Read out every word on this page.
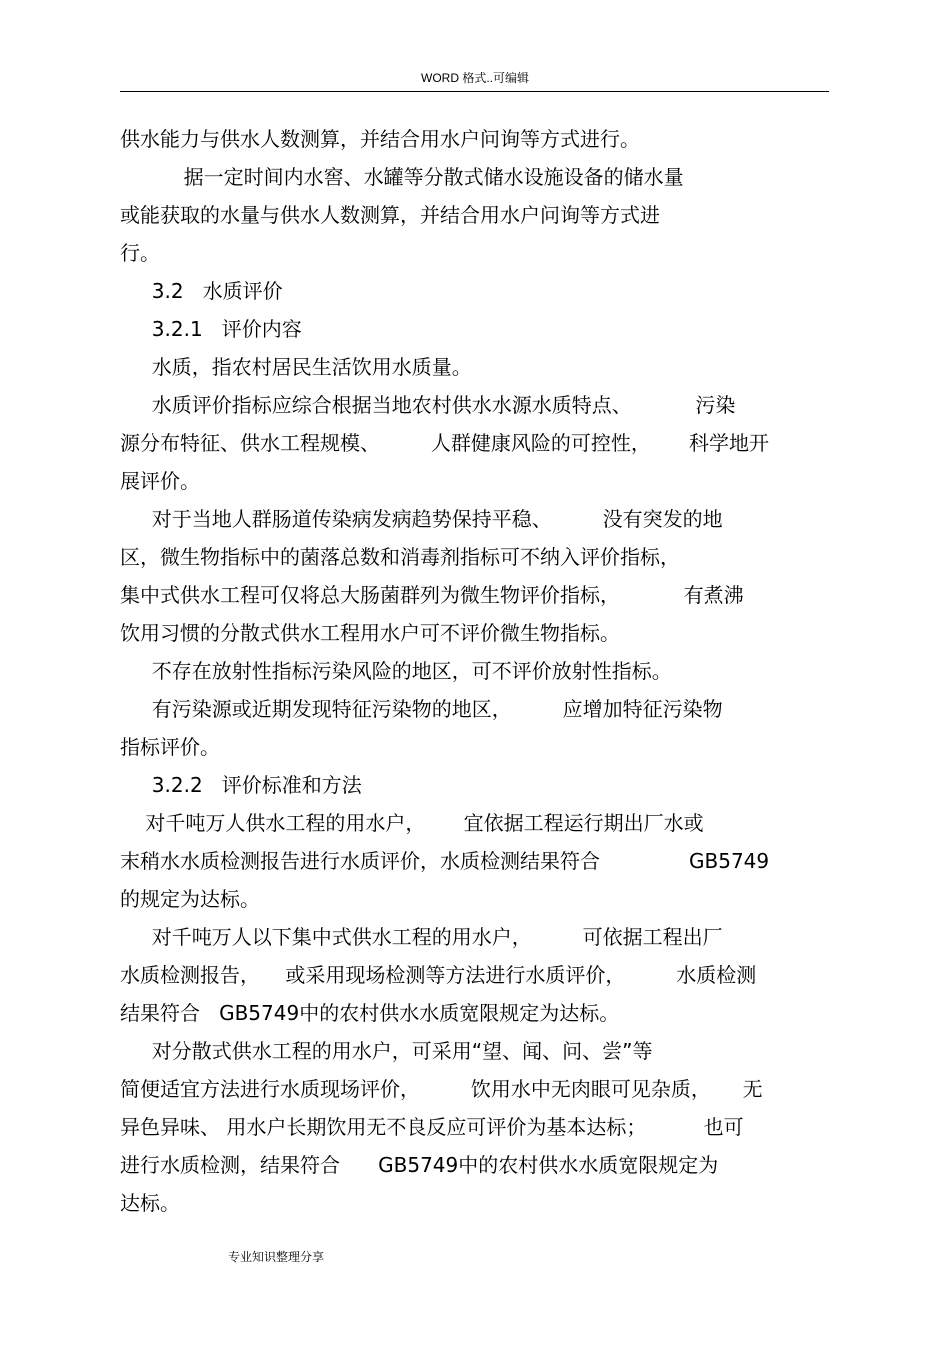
WORD 格式..可编辑
供水能力与供水人数测算，并结合用水户问询等方式进行。
据一定时间内水窖、水罐等分散式储水设施设备的储水量
或能获取的水量与供水人数测算，并结合用水户问询等方式进
行。
3.2   水质评价
3.2.1   评价内容
水质，指农村居民生活饮用水质量。
水质评价指标应综合根据当地农村供水水源水质特点、          污染
源分布特征、供水工程规模、        人群健康风险的可控性，      科学地开
展评价。
对于当地人群肠道传染病发病趋势保持平稳、        没有突发的地
区，微生物指标中的菌落总数和消毒剂指标可不纳入评价指标，
集中式供水工程可仅将总大肠菌群列为微生物评价指标，          有煮沸
饮用习惯的分散式供水工程用水户可不评价微生物指标。
不存在放射性指标污染风险的地区，可不评价放射性指标。
有污染源或近期发现特征污染物的地区，        应增加特征污染物
指标评价。
3.2.2   评价标准和方法
对千吨万人供水工程的用水户，      宜依据工程运行期出厂水或
末稍水水质检测报告进行水质评价，水质检测结果符合              GB5749
的规定为达标。
对千吨万人以下集中式供水工程的用水户，        可依据工程出厂
水质检测报告，    或采用现场检测等方法进行水质评价，        水质检测
结果符合   GB5749中的农村供水水质宽限规定为达标。
对分散式供水工程的用水户，可采用“望、闻、问、尝”等
简便适宜方法进行水质现场评价，        饮用水中无肉眼可见杂质，     无
异色异味、 用水户长期饮用无不良反应可评价为基本达标；         也可
进行水质检测，结果符合      GB5749中的农村供水水质宽限规定为
达标。
专业知识整理分享
